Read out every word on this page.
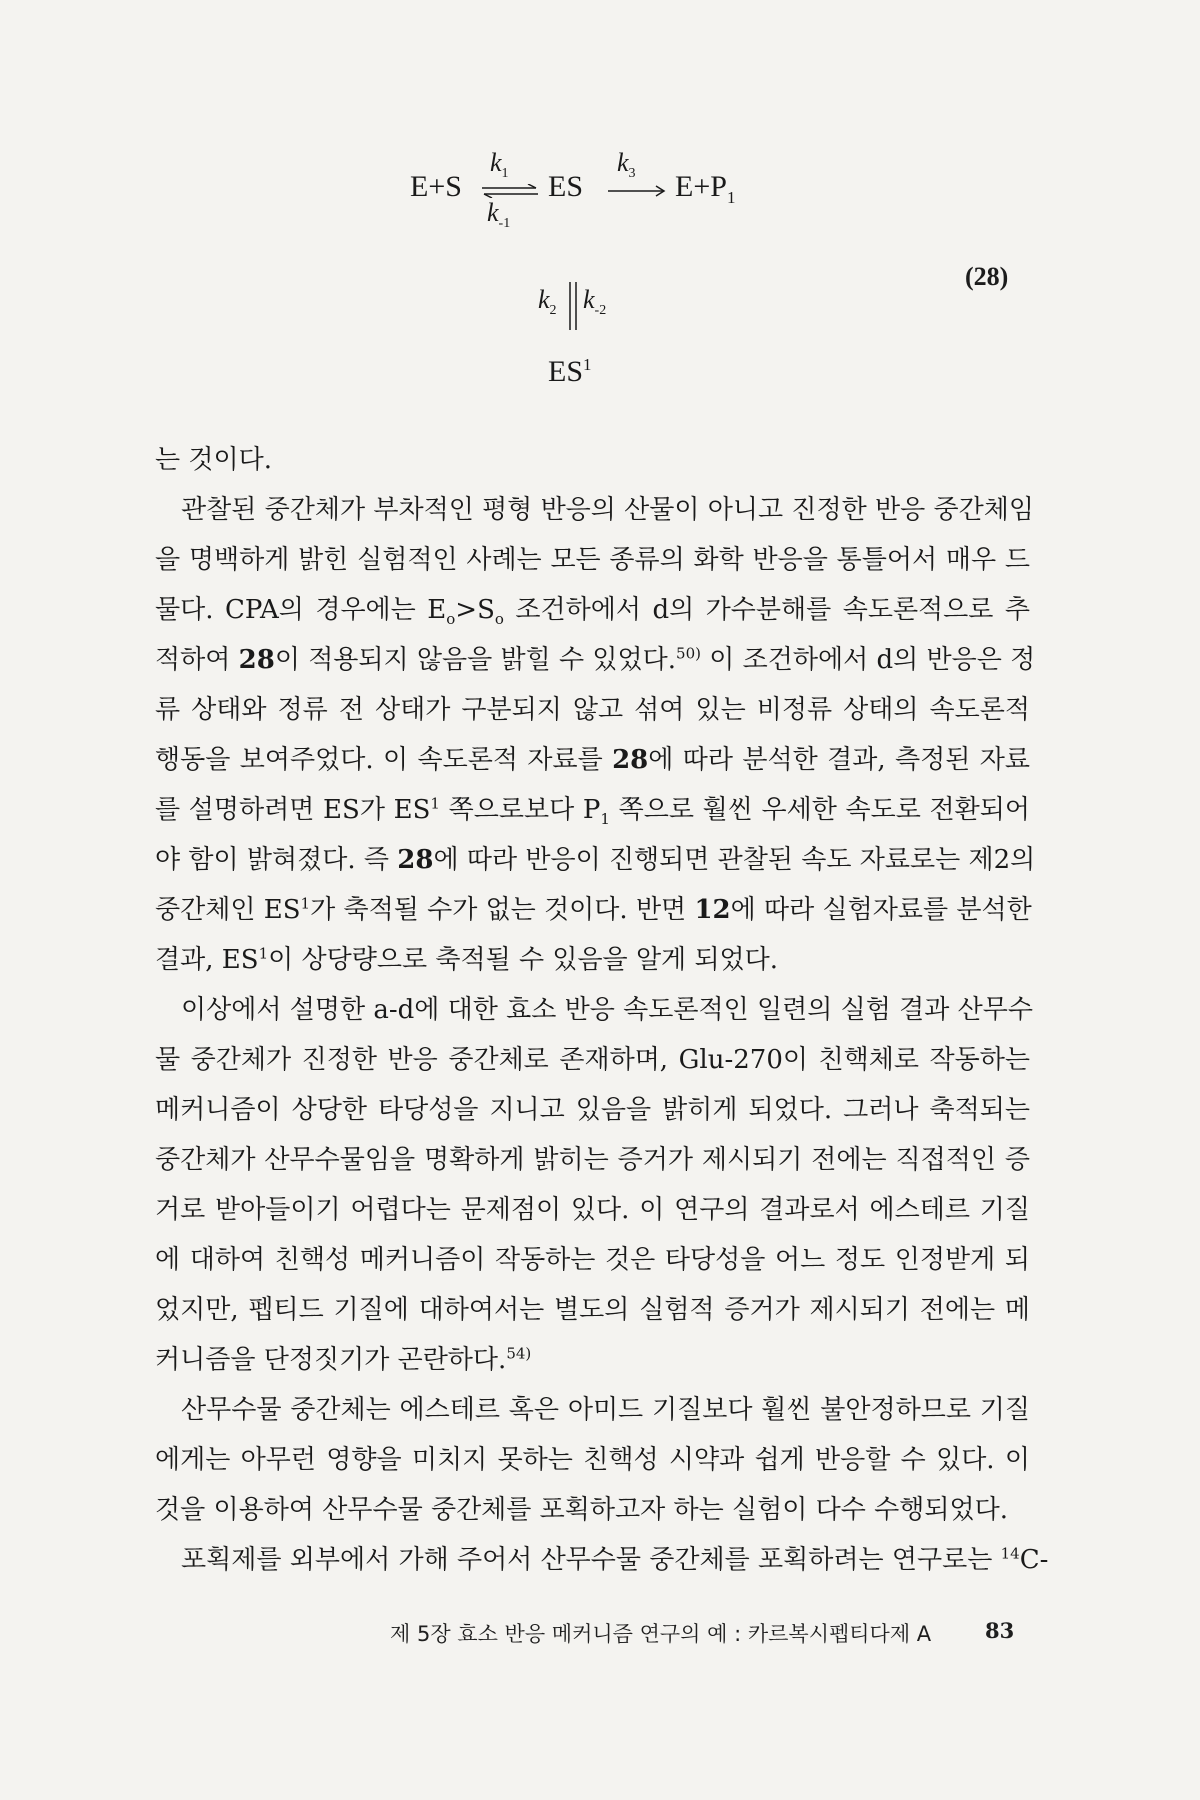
E+S
$k_1$
$k_{-1}$
ES
$k_3$ $E+P_1$
(28)
$k_2$ $k_{-2}$
$ES^1$
는 것이다.
관찰된 중간체가 부차적인 평형 반응의 산물이 아니고 진정한 반응 중간체임
을 명백하게 밝힌 실험적인 사례는 모든 종류의 화학 반응을 통틀어서 매우 드
물다. CPA의 경우에는 $E_o>S_o$ 조건하에서 d의 가수분해를 속도론적으로 추
적하여 28이 적용되지 않음을 밝힐 수 있었다.$^{50)}$ 이 조건하에서 d의 반응은 정
류 상태와 정류 전 상태가 구분되지 않고 섞여 있는 비정류 상태의 속도론적
행동을 보여주었다. 이 속도론적 자료를 28에 따라 분석한 결과, 측정된 자료
를 설명하려면 ES가 $ES^1$ 쪽으로보다 $P_1$ 쪽으로 훨씬 우세한 속도로 전환되어
야 함이 밝혀졌다. 즉 28에 따라 반응이 진행되면 관찰된 속도 자료로는 제2의
중간체인 $ES^1$가 축적될 수가 없는 것이다. 반면 12에 따라 실험자료를 분석한
결과, $ES^1$이 상당량으로 축적될 수 있음을 알게 되었다.
이상에서 설명한 a-d에 대한 효소 반응 속도론적인 일련의 실험 결과 산무수
물 중간체가 진정한 반응 중간체로 존재하며, Glu-270이 친핵체로 작동하는
메커니즘이 상당한 타당성을 지니고 있음을 밝히게 되었다. 그러나 축적되는
중간체가 산무수물임을 명확하게 밝히는 증거가 제시되기 전에는 직접적인 증
거로 받아들이기 어렵다는 문제점이 있다. 이 연구의 결과로서 에스테르 기질
에 대하여 친핵성 메커니즘이 작동하는 것은 타당성을 어느 정도 인정받게 되
었지만, 펩티드 기질에 대하여서는 별도의 실험적 증거가 제시되기 전에는 메
커니즘을 단정짓기가 곤란하다.$^{54)}$
산무수물 중간체는 에스테르 혹은 아미드 기질보다 훨씬 불안정하므로 기질
에게는 아무런 영향을 미치지 못하는 친핵성 시약과 쉽게 반응할 수 있다. 이
것을 이용하여 산무수물 중간체를 포획하고자 하는 실험이 다수 수행되었다.
포획제를 외부에서 가해 주어서 산무수물 중간체를 포획하려는 연구로는 $^{14}$C-
제 5장 효소 반응 메커니즘 연구의 예 : 카르복시펩티다제 A	83
